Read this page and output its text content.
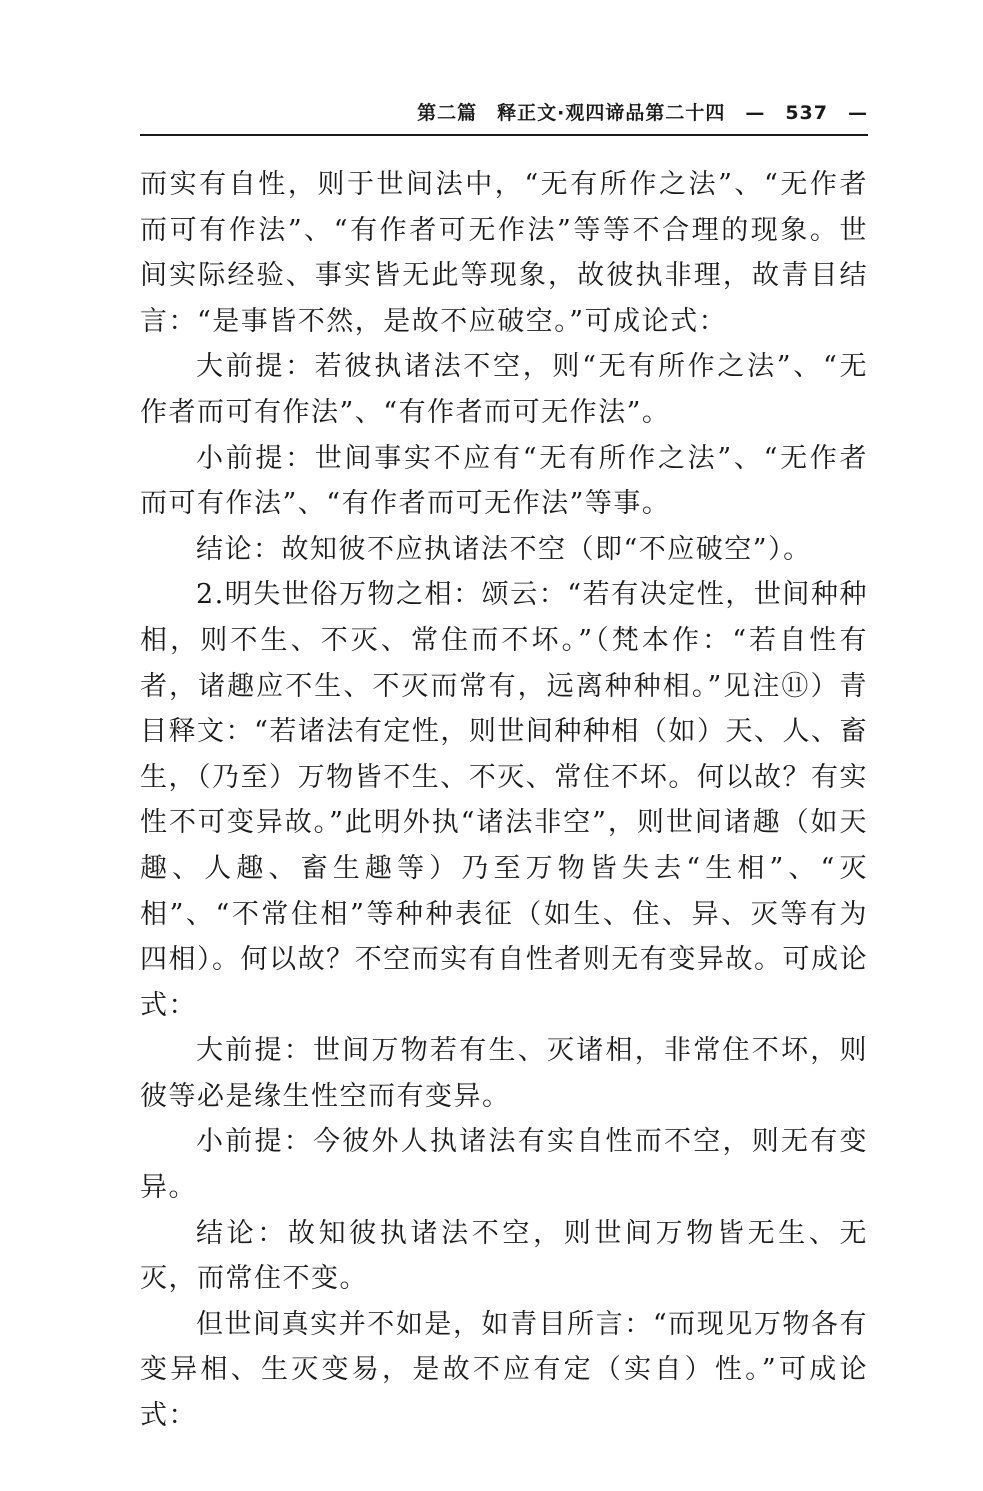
第二篇　释正文·观四谛品第二十四　—　537　—

而实有自性，则于世间法中，“无有所作之法”、“无作者而可有作法”、“有作者可无作法”等等不合理的现象。世间实际经验、事实皆无此等现象，故彼执非理，故青目结言：“是事皆不然，是故不应破空。”可成论式：

大前提：若彼执诸法不空，则“无有所作之法”、“无作者而可有作法”、“有作者而可无作法”。

小前提：世间事实不应有“无有所作之法”、“无作者而可有作法”、“有作者而可无作法”等事。

结论：故知彼不应执诸法不空（即“不应破空”）。

2.明失世俗万物之相：颂云：“若有决定性，世间种种相，则不生、不灭、常住而不坏。”（梵本作：“若自性有者，诸趣应不生、不灭而常有，远离种种相。”见注⑪）青目释文：“若诸法有定性，则世间种种相（如）天、人、畜生，（乃至）万物皆不生、不灭、常住不坏。何以故？有实性不可变异故。”此明外执“诸法非空”，则世间诸趣（如天趣、人趣、畜生趣等）乃至万物皆失去“生相”、“灭相”、“不常住相”等种种表征（如生、住、异、灭等有为四相）。何以故？不空而实有自性者则无有变异故。可成论式：

大前提：世间万物若有生、灭诸相，非常住不坏，则彼等必是缘生性空而有变异。

小前提：今彼外人执诸法有实自性而不空，则无有变异。

结论：故知彼执诸法不空，则世间万物皆无生、无灭，而常住不变。

但世间真实并不如是，如青目所言：“而现见万物各有变异相、生灭变易，是故不应有定（实自）性。”可成论式：
